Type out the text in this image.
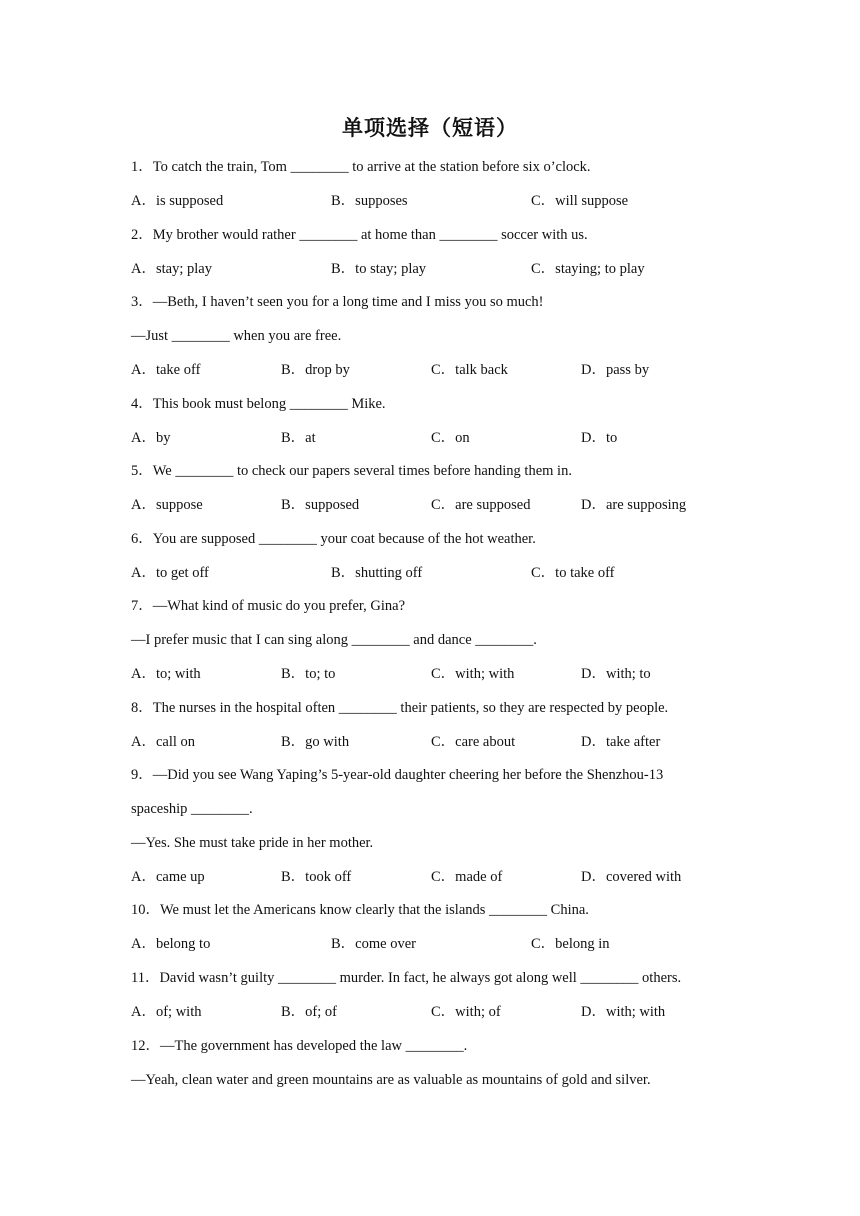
单项选择（短语）
1．To catch the train, Tom ________ to arrive at the station before six o’clock.
A．is supposed	B．supposes	C．will suppose
2．My brother would rather ________ at home than ________ soccer with us.
A．stay; play	B．to stay; play	C．staying; to play
3．—Beth, I haven’t seen you for a long time and I miss you so much!
—Just ________ when you are free.
A．take off	B．drop by	C．talk back	D．pass by
4．This book must belong ________ Mike.
A．by	B．at	C．on	D．to
5．We ________ to check our papers several times before handing them in.
A．suppose	B．supposed	C．are supposed	D．are supposing
6．You are supposed ________ your coat because of the hot weather.
A．to get off	B．shutting off	C．to take off
7．—What kind of music do you prefer, Gina?
—I prefer music that I can sing along ________ and dance ________.
A．to; with	B．to; to	C．with; with	D．with; to
8．The nurses in the hospital often ________ their patients, so they are respected by people.
A．call on	B．go with	C．care about	D．take after
9．—Did you see Wang Yaping’s 5-year-old daughter cheering her before the Shenzhou-13
spaceship ________.
—Yes. She must take pride in her mother.
A．came up	B．took off	C．made of	D．covered with
10．We must let the Americans know clearly that the islands ________ China.
A．belong to	B．come over	C．belong in
11．David wasn’t guilty ________ murder. In fact, he always got along well ________ others.
A．of; with	B．of; of	C．with; of	D．with; with
12．—The government has developed the law ________.
—Yeah, clean water and green mountains are as valuable as mountains of gold and silver.
